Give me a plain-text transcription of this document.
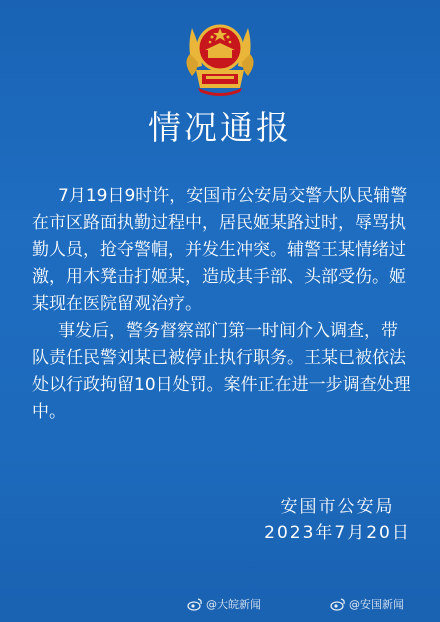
情况通报
7月19日9时许，安国市公安局交警大队民辅警
在市区路面执勤过程中，居民姬某路过时，辱骂执
勤人员，抢夺警帽，并发生冲突。辅警王某情绪过
激，用木凳击打姬某，造成其手部、头部受伤。姬
某现在医院留观治疗。
事发后，警务督察部门第一时间介入调查，带
队责任民警刘某已被停止执行职务。王某已被依法
处以行政拘留10日处罚。案件正在进一步调查处理
中。
安国市公安局
2023年7月20日
@大皖新闻	@安国新闻
